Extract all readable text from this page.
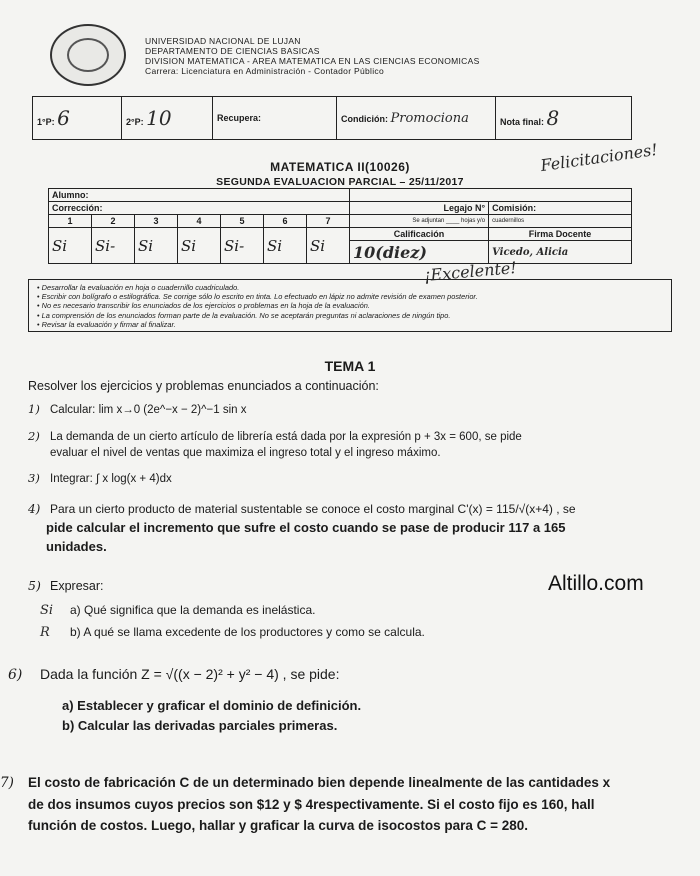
UNIVERSIDAD NACIONAL DE LUJAN
DEPARTAMENTO DE CIENCIAS BASICAS
DIVISION MATEMATICA - AREA MATEMATICA EN LAS CIENCIAS ECONOMICAS
Carrera: Licenciatura en Administración - Contador Público
1°P: 6	2°P: 10	Recupera:	Condición: Promociona	Nota final: 8
Felicitaciones!
MATEMATICA II(10026)
SEGUNDA EVALUACION PARCIAL – 25/11/2017
Alumno:								
Corrección:							Legajo N°	Comisión:
1	2	3	4	5	6	7	Se adjuntan ____ hojas y/o	cuadernillos
Si	Si-	Si	Si	Si-	Si	Si	Calificación	Firma Docente
							10(diez)	Vicedo, Alicia
¡Excelente!
• Desarrollar la evaluación en hoja o cuadernillo cuadriculado.
• Escribir con bolígrafo o estilográfica. Se corrige sólo lo escrito en tinta. Lo efectuado en lápiz no admite revisión de examen posterior.
• No es necesario transcribir los enunciados de los ejercicios o problemas en la hoja de la evaluación.
• La comprensión de los enunciados forman parte de la evaluación. No se aceptarán preguntas ni aclaraciones de ningún tipo.
• Revisar la evaluación y firmar al finalizar.
TEMA 1
Resolver los ejercicios y problemas enunciados a continuación:
1) Calcular: lim x→0 (2e^−x − 2)^−1 sin x
2) La demanda de un cierto artículo de librería está dada por la expresión p + 3x = 600, se pide
evaluar el nivel de ventas que maximiza el ingreso total y el ingreso máximo.
3) Integrar: ∫ x log(x + 4)dx
4) Para un cierto producto de material sustentable se conoce el costo marginal C'(x) = 115/√(x+4) , se
pide calcular el incremento que sufre el costo cuando se pase de producir 117 a 165
unidades.
5) Expresar:
Si a) Qué significa que la demanda es inelástica.
R b) A qué se llama excedente de los productores y como se calcula.
6) Dada la función Z = √((x − 2)² + y² − 4) , se pide:
a) Establecer y graficar el dominio de definición.
b) Calcular las derivadas parciales primeras.
7) El costo de fabricación C de un determinado bien depende linealmente de las cantidades x
de dos insumos cuyos precios son $12 y $ 4respectivamente. Si el costo fijo es 160, hall
función de costos. Luego, hallar y graficar la curva de isocostos para C = 280.
Altillo.com
